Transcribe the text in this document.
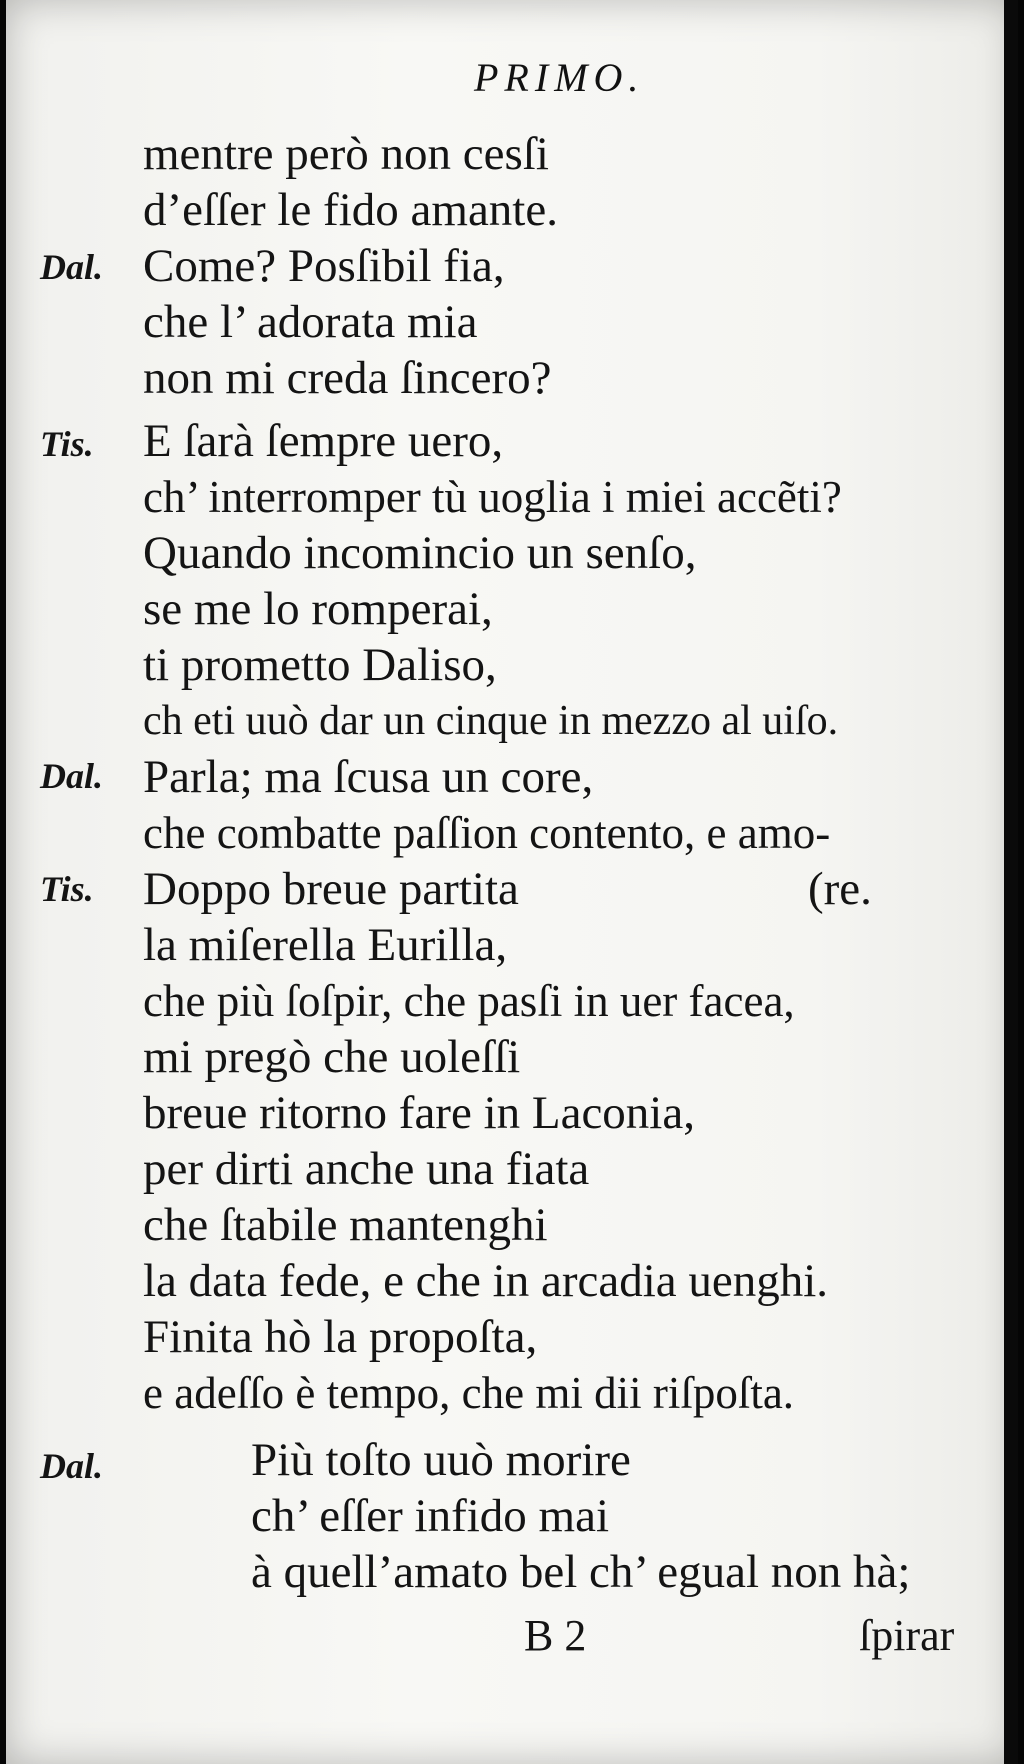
PRIMO.
Dal.
Tis.
Dal.
Tis.
Dal.
mentre però non cesſi
d’eſſer le fido amante.
Come? Posſibil fia,
che l’ adorata mia
non mi creda ſincero?
E ſarà ſempre uero,
ch’ interromper tù uoglia i miei accẽti?
Quando incomincio un senſo,
se me lo romperai,
ti prometto Daliso,
ch eti uuò dar un cinque in mezzo al uiſo.
Parla; ma ſcusa un core,
che combatte paſſion contento, e amo-
Doppo breue partita	(re.
la miſerella Eurilla,
che più ſoſpir, che pasſi in uer facea,
mi pregò che uoleſſi
breue ritorno fare in Laconia,
per dirti anche una fiata
che ſtabile mantenghi
la data fede, e che in arcadia uenghi.
Finita hò la propoſta,
e adeſſo è tempo, che mi dii riſpoſta.
Più toſto uuò morire
ch’ eſſer infido mai
à quell’amato bel ch’ egual non hà;
B 2	ſpirar
